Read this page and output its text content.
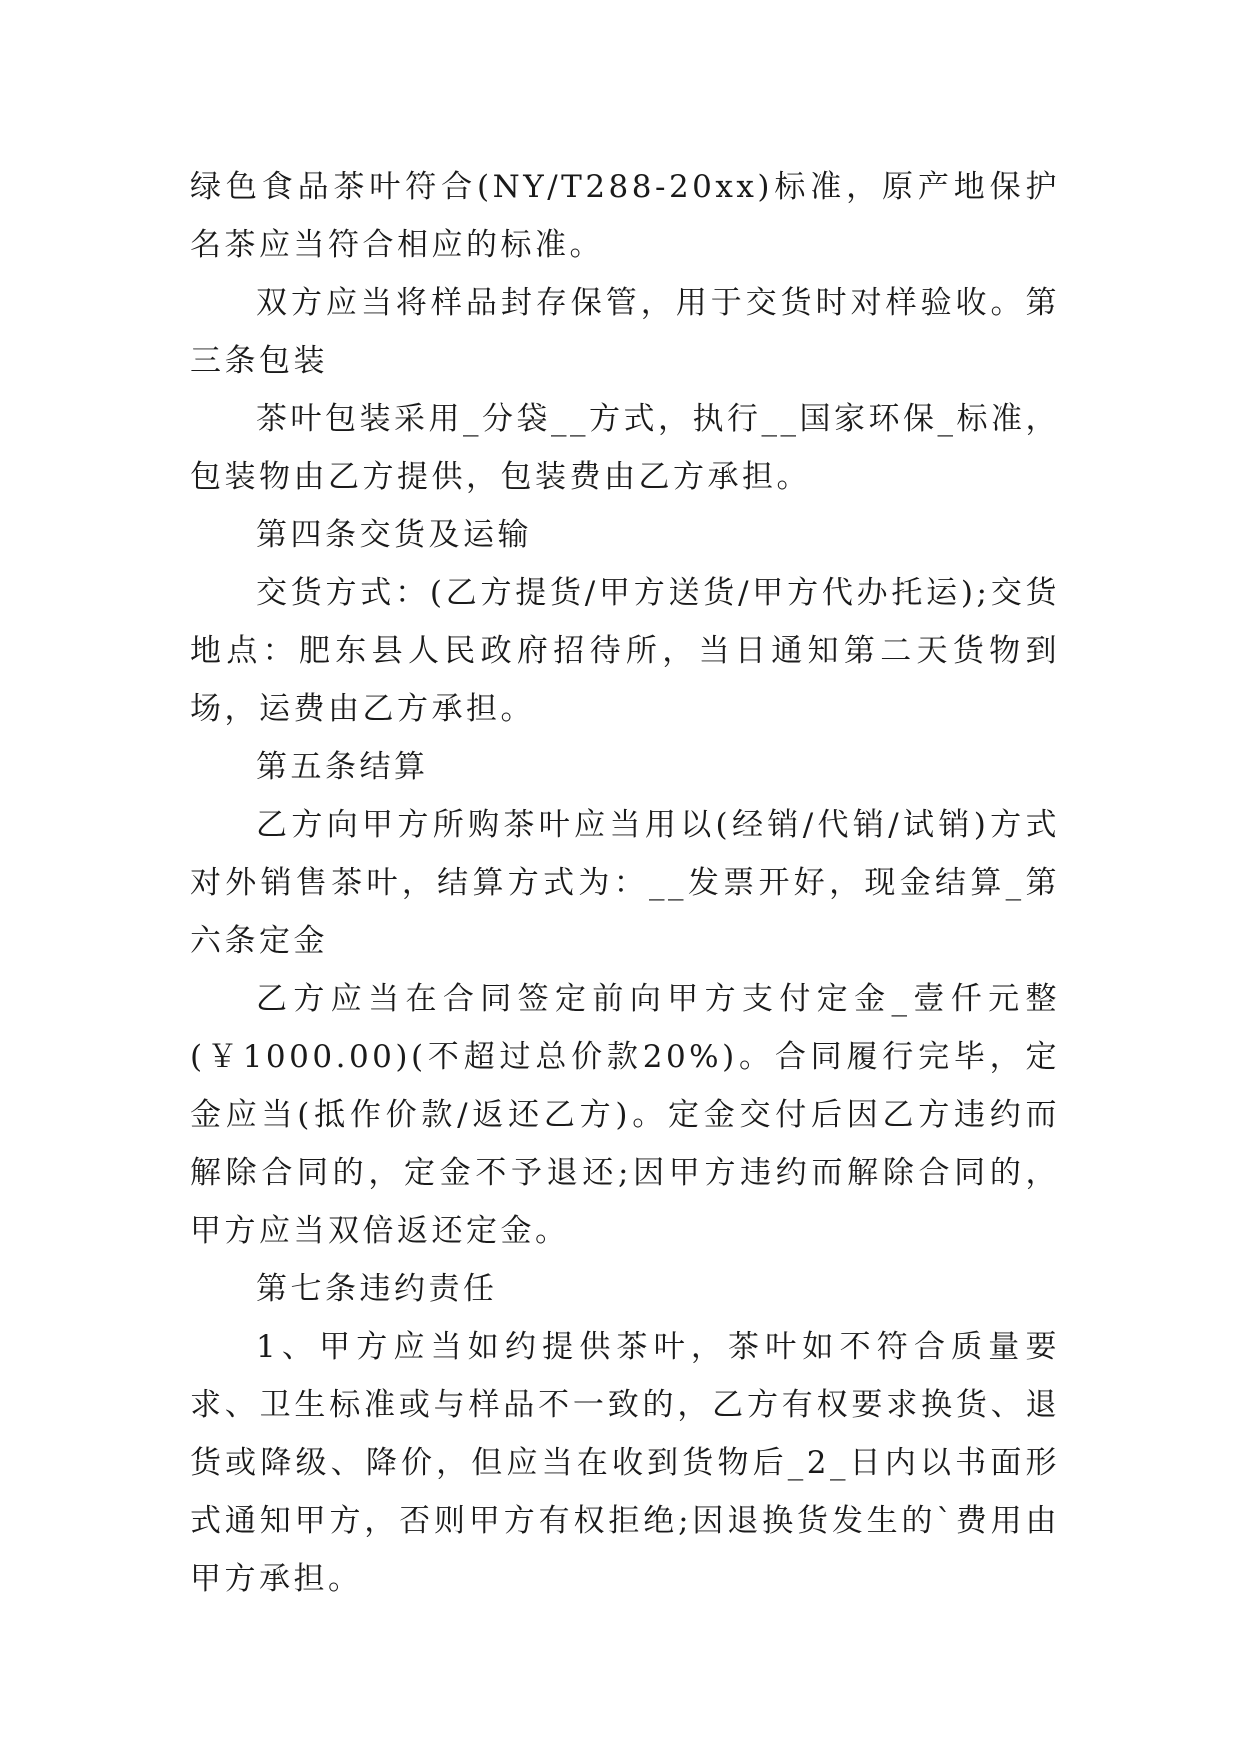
绿色食品茶叶符合(NY/T288-20xx)标准，原产地保护名茶应当符合相应的标准。

双方应当将样品封存保管，用于交货时对样验收。第三条包装

茶叶包装采用_分袋__方式，执行__国家环保_标准，包装物由乙方提供，包装费由乙方承担。

第四条交货及运输

交货方式：(乙方提货/甲方送货/甲方代办托运);交货地点：肥东县人民政府招待所，当日通知第二天货物到场，运费由乙方承担。

第五条结算

乙方向甲方所购茶叶应当用以(经销/代销/试销)方式对外销售茶叶，结算方式为：__发票开好，现金结算_第六条定金

乙方应当在合同签定前向甲方支付定金_壹仟元整(￥1000.00)(不超过总价款20%)。合同履行完毕，定金应当(抵作价款/返还乙方)。定金交付后因乙方违约而解除合同的，定金不予退还;因甲方违约而解除合同的，甲方应当双倍返还定金。

第七条违约责任

1、甲方应当如约提供茶叶，茶叶如不符合质量要求、卫生标准或与样品不一致的，乙方有权要求换货、退货或降级、降价，但应当在收到货物后_2_日内以书面形式通知甲方，否则甲方有权拒绝;因退换货发生的`费用由甲方承担。
